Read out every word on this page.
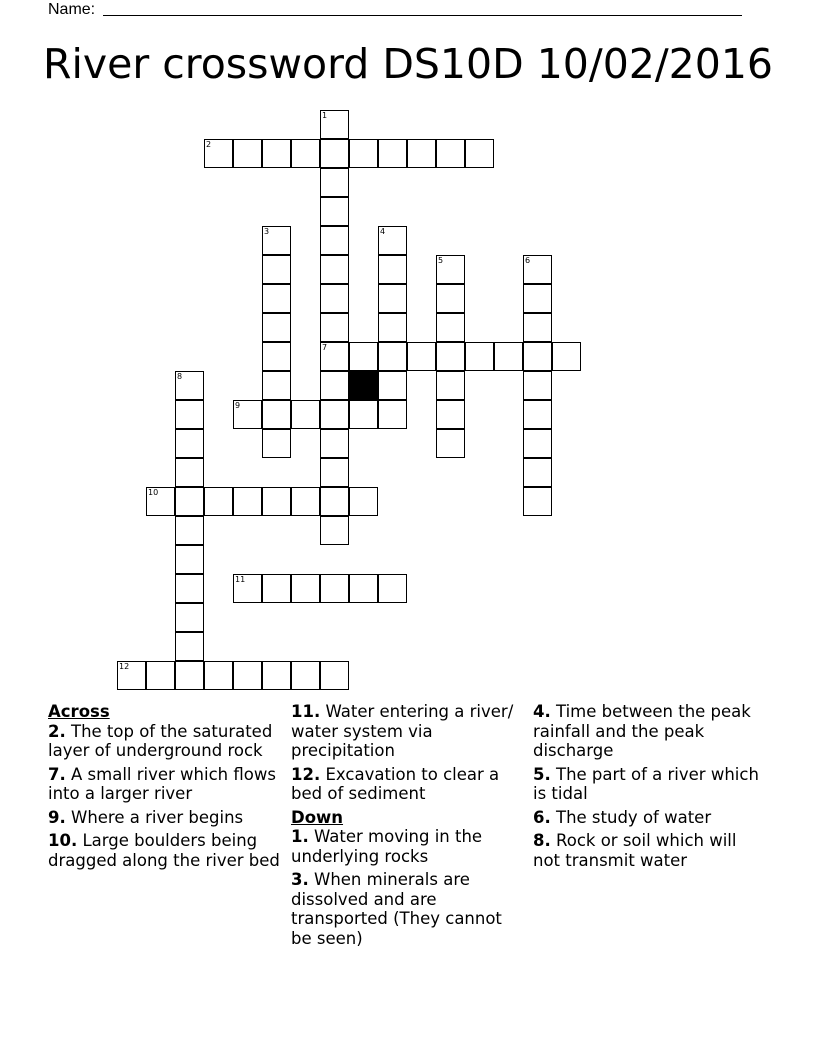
Name:
River crossword DS10D 10/02/2016
1
7
2
3	4
5	6
8
9
10
11
12
Across
2. The top of the saturated layer of underground rock
7. A small river which flows into a larger river
9. Where a river begins
10. Large boulders being dragged along the river bed
11. Water entering a river/ water system via precipitation
12. Excavation to clear a bed of sediment
Down
1. Water moving in the underlying rocks
3. When minerals are dissolved and are transported (They cannot be seen)
4. Time between the peak rainfall and the peak discharge
5. The part of a river which is tidal
6. The study of water
8. Rock or soil which will not transmit water
